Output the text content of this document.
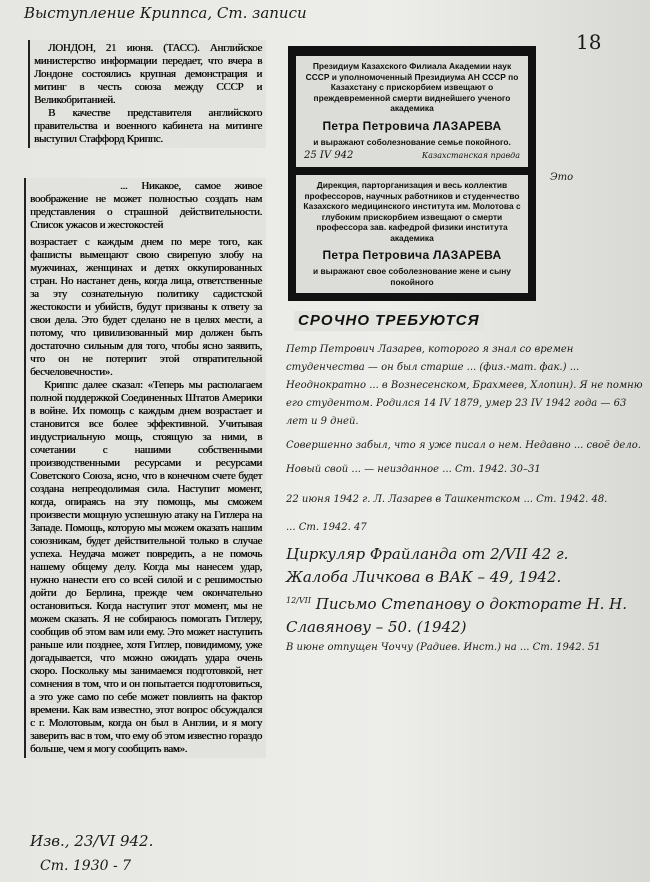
Выступление Криппса, Ст. записи
18

ЛОНДОН, 21 июня. (ТАСС). Английское министерство информации передает, что вчера в Лондоне состоялись крупная демонстрация и митинг в честь союза между СССР и Великобританией.

В качестве представителя английского правительства и военного кабинета на митинге выступил Стаффорд Криппс.

... Никакое, самое живое воображение не может полностью создать нам представления о страшной действительности. Список ужасов и жестокостей

возрастает с каждым днем по мере того, как фашисты вымещают свою свирепую злобу на мужчинах, женщинах и детях оккупированных стран. Но настанет день, когда лица, ответственные за эту сознательную политику садистской жестокости и убийств, будут призваны к ответу за свои дела. Это будет сделано не в целях мести, а потому, что цивилизованный мир должен быть достаточно сильным для того, чтобы ясно заявить, что он не потерпит этой отвратительной бесчеловечности».

Криппс далее сказал: «Теперь мы располагаем полной поддержкой Соединенных Штатов Америки в войне. Их помощь с каждым днем возрастает и становится все более эффективной. Учитывая индустриальную мощь, стоящую за ними, в сочетании с нашими собственными производственными ресурсами и ресурсами Советского Союза, ясно, что в конечном счете будет создана непреодолимая сила. Наступит момент, когда, опираясь на эту помощь, мы сможем произвести мощную успешную атаку на Гитлера на Западе. Помощь, которую мы можем оказать нашим союзникам, будет действительной только в случае успеха. Неудача может повредить, а не помочь нашему общему делу. Когда мы нанесем удар, нужно нанести его со всей силой и с решимостью дойти до Берлина, прежде чем окончательно остановиться. Когда наступит этот момент, мы не можем сказать. Я не собираюсь помогать Гитлеру, сообщив об этом вам или ему. Это может наступить раньше или позднее, хотя Гитлер, повидимому, уже догадывается, что можно ожидать удара очень скоро. Поскольку мы занимаемся подготовкой, нет сомнения в том, что и он попытается подготовиться, а это уже само по себе может повлиять на фактор времени. Как вам известно, этот вопрос обсуждался с г. Молотовым, когда он был в Англии, и я могу заверить вас в том, что ему об этом известно гораздо больше, чем я могу сообщить вам».

Президиум Казахского Филиала Академии наук СССР и уполномоченный Президиума АН СССР по Казахстану с прискорбием извещают о преждевременной смерти виднейшего ученого академика
Петра Петровича ЛАЗАРЕВА
и выражают соболезнование семье покойного.
25 IV 942	Казахстанская правда
Дирекция, парторганизация и весь коллектив профессоров, научных работников и студенчество Казахского медицинского института им. Молотова с глубоким прискорбием извещают о смерти профессора зав. кафедрой физики института академика
Петра Петровича ЛАЗАРЕВА
и выражают свое соболезнование жене и сыну покойного
Это
СРОЧНО ТРЕБУЮТСЯ

Петр Петрович Лазарев, которого я знал со времен студенчества — он был старше ... (физ.-мат. фак.) ... Неоднократно ... в Вознесенском, Брахмеев, Хлопин). Я не помню его студентом. Родился 14 IV 1879, умер 23 IV 1942 года — 63 лет и 9 дней.

Совершенно забыл, что я уже писал о нем. Недавно ... своё дело.

Новый свой ... — неизданное ... Ст. 1942. 30–31

22 июня 1942 г. Л. Лазарев в Ташкентском ... Ст. 1942. 48.

... Ст. 1942. 47

Циркуляр Фрайланда от 2/VII 42 г.

Жалоба Личкова в ВАК – 49, 1942.

$^{12/VII}$ Письмо Степанову о докторате Н. Н. Славянову – 50. (1942)

В июне отпущен Чоччу (Радиев. Инст.) на ... Ст. 1942. 51

Изв., 23/VI 942.
Ст. 1930 - 7
